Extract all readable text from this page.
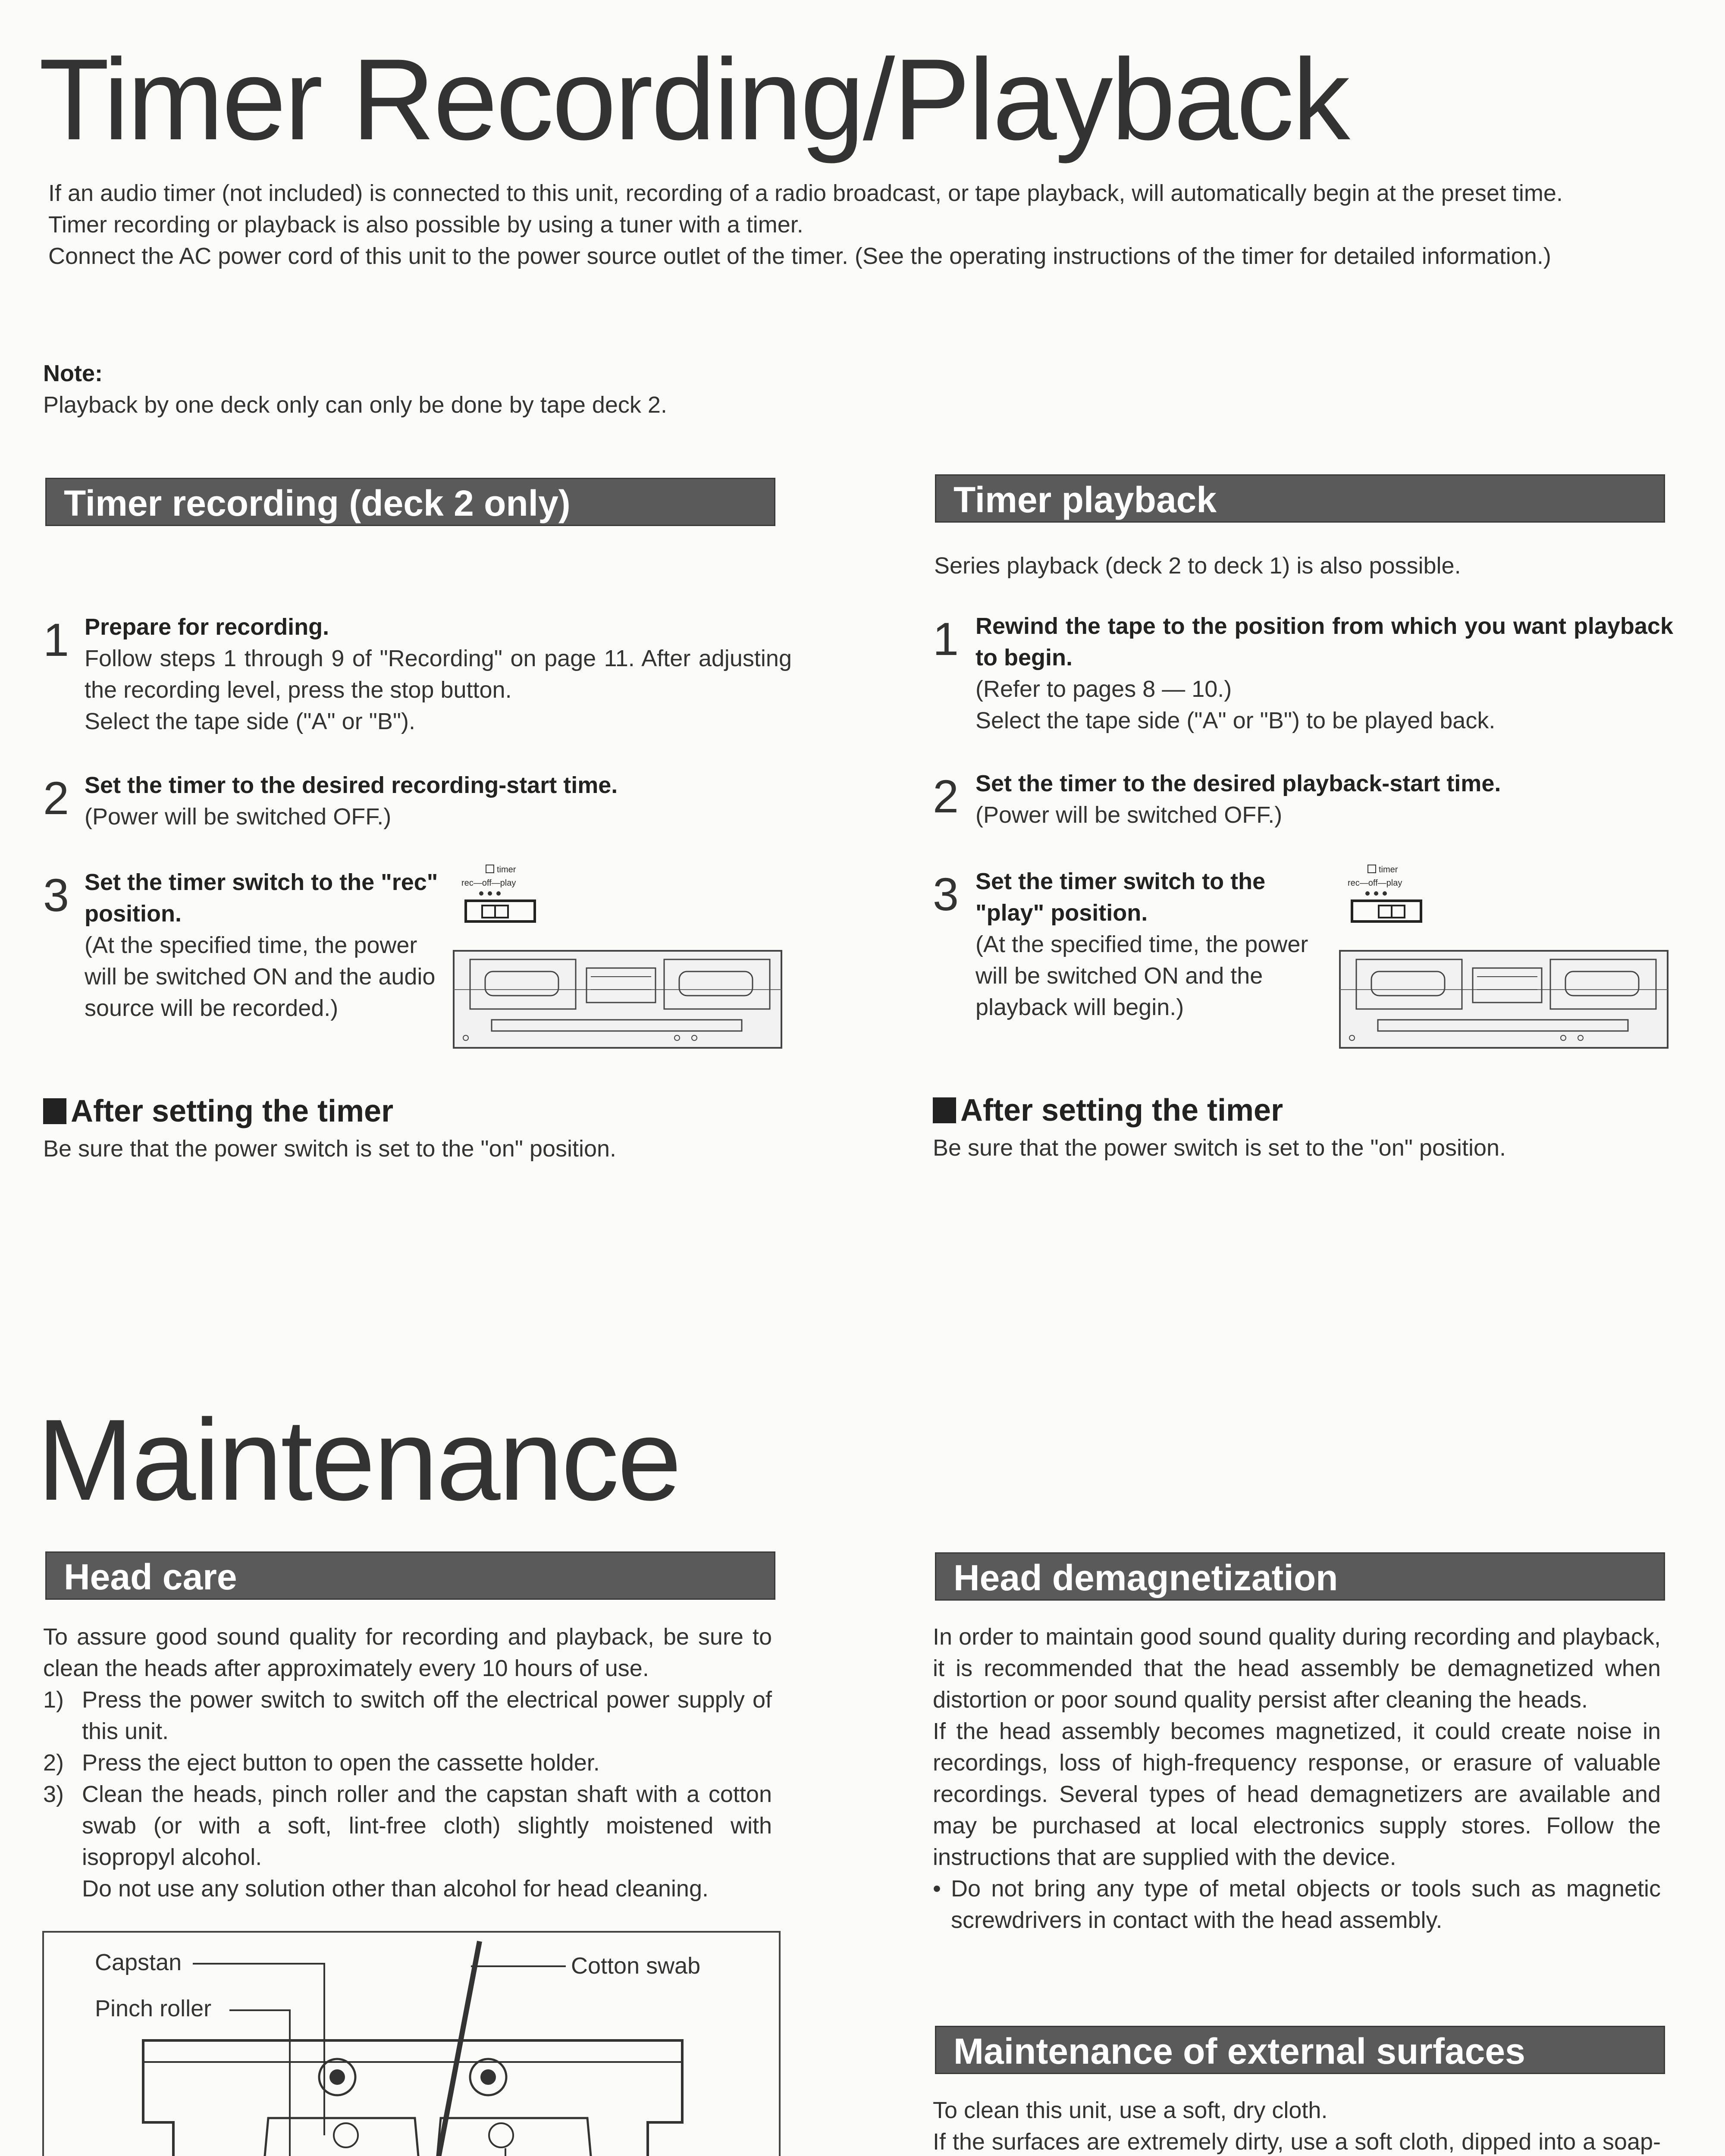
Timer Recording/Playback
If an audio timer (not included) is connected to this unit, recording of a radio broadcast, or tape playback, will automatically begin at the preset time.
Timer recording or playback is also possible by using a tuner with a timer.
Connect the AC power cord of this unit to the power source outlet of the timer. (See the operating instructions of the timer for detailed information.)
Note:
Playback by one deck only can only be done by tape deck 2.
Timer recording (deck 2 only)
1 Prepare for recording.
Follow steps 1 through 9 of "Recording" on page 11. After adjusting the recording level, press the stop button.
Select the tape side ("A" or "B").
2 Set the timer to the desired recording-start time.
(Power will be switched OFF.)
3 Set the timer switch to the "rec" position.
(At the specified time, the power will be switched ON and the audio source will be recorded.)
timer
rec—off—play
After setting the timer
Be sure that the power switch is set to the "on" position.
Timer playback
Series playback (deck 2 to deck 1) is also possible.
1 Rewind the tape to the position from which you want playback to begin.
(Refer to pages 8 — 10.)
Select the tape side ("A" or "B") to be played back.
2 Set the timer to the desired playback-start time.
(Power will be switched OFF.)
3 Set the timer switch to the "play" position.
(At the specified time, the power will be switched ON and the playback will begin.)
timer
rec—off—play
After setting the timer
Be sure that the power switch is set to the "on" position.
Maintenance
Head care
To assure good sound quality for recording and playback, be sure to clean the heads after approximately every 10 hours of use.
1) Press the power switch to switch off the electrical power supply of this unit.
2) Press the eject button to open the cassette holder.
3) Clean the heads, pinch roller and the capstan shaft with a cotton swab (or with a soft, lint-free cloth) slightly moistened with isopropyl alcohol.
Do not use any solution other than alcohol for head cleaning.
Capstan
Pinch roller
Cotton swab
Head demagnetization
In order to maintain good sound quality during recording and playback, it is recommended that the head assembly be demagnetized when distortion or poor sound quality persist after cleaning the heads.
If the head assembly becomes magnetized, it could create noise in recordings, loss of high-frequency response, or erasure of valuable recordings. Several types of head demagnetizers are available and may be purchased at local electronics supply stores. Follow the instructions that are supplied with the device.
• Do not bring any type of metal objects or tools such as magnetic screwdrivers in contact with the head assembly.
Maintenance of external surfaces
To clean this unit, use a soft, dry cloth.
If the surfaces are extremely dirty, use a soft cloth, dipped into a soap-
